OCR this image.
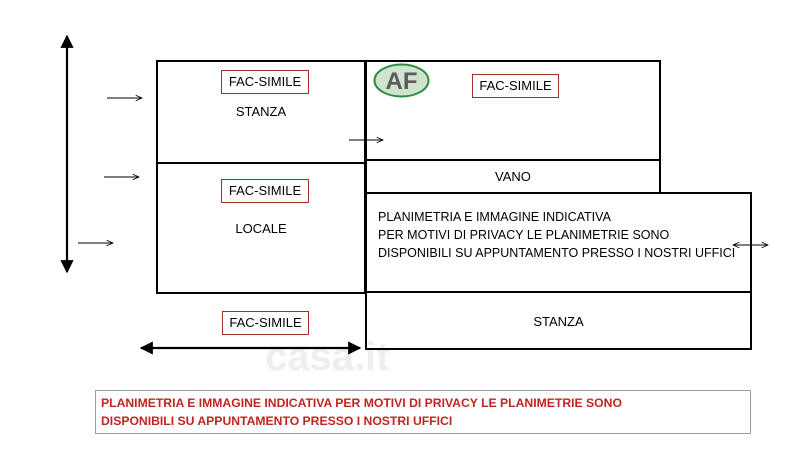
casa.it
AF
FAC-SIMILE	FAC-SIMILE
FAC-SIMILE
FAC-SIMILE
STANZA
VANO
LOCALE
STANZA
PLANIMETRIA E IMMAGINE INDICATIVA
PER MOTIVI DI PRIVACY LE PLANIMETRIE SONO
DISPONIBILI SU APPUNTAMENTO PRESSO I NOSTRI UFFICI
PLANIMETRIA E IMMAGINE INDICATIVA PER MOTIVI DI PRIVACY LE PLANIMETRIE SONO
DISPONIBILI SU APPUNTAMENTO PRESSO I NOSTRI UFFICI
